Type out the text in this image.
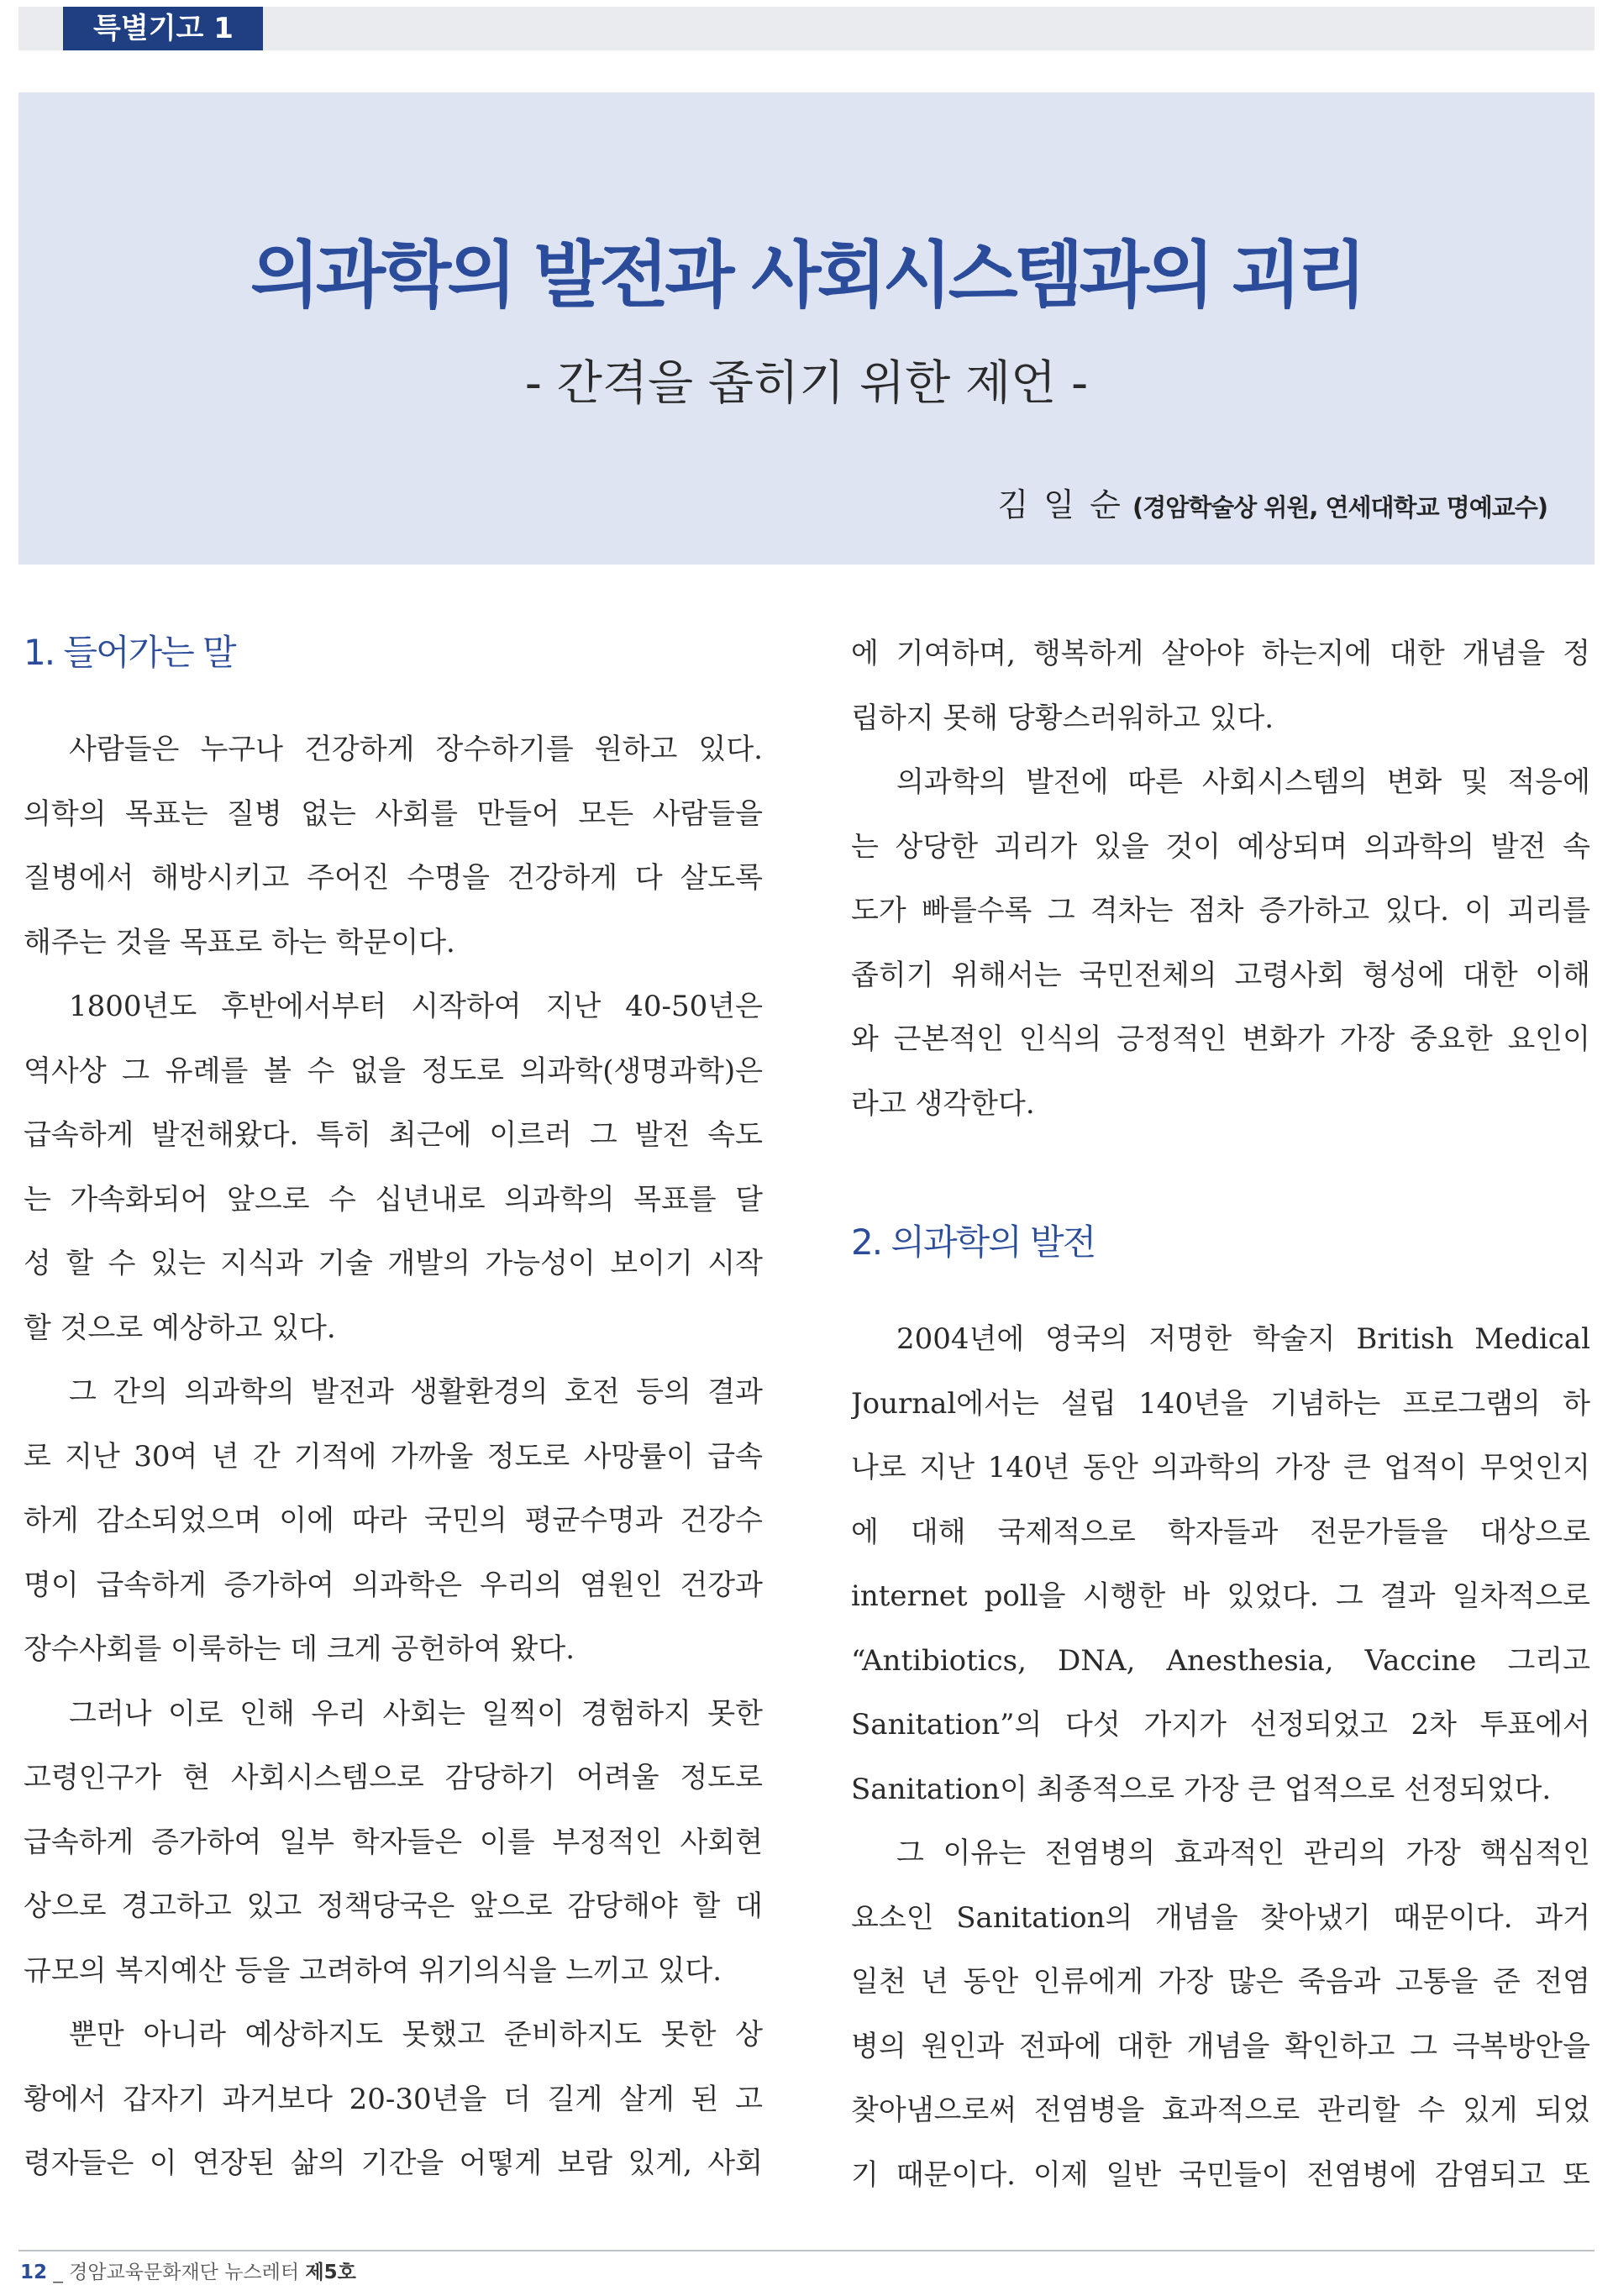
특별기고 1
의과학의 발전과 사회시스템과의 괴리
- 간격을 좁히기 위한 제언 -
김 일 순 (경암학술상 위원, 연세대학교 명예교수)
1. 들어가는 말
사람들은 누구나 건강하게 장수하기를 원하고 있다.
의학의 목표는 질병 없는 사회를 만들어 모든 사람들을
질병에서 해방시키고 주어진 수명을 건강하게 다 살도록
해주는 것을 목표로 하는 학문이다.
1800년도 후반에서부터 시작하여 지난 40-50년은
역사상 그 유례를 볼 수 없을 정도로 의과학(생명과학)은
급속하게 발전해왔다. 특히 최근에 이르러 그 발전 속도
는 가속화되어 앞으로 수 십년내로 의과학의 목표를 달
성 할 수 있는 지식과 기술 개발의 가능성이 보이기 시작
할 것으로 예상하고 있다.
그 간의 의과학의 발전과 생활환경의 호전 등의 결과
로 지난 30여 년 간 기적에 가까울 정도로 사망률이 급속
하게 감소되었으며 이에 따라 국민의 평균수명과 건강수
명이 급속하게 증가하여 의과학은 우리의 염원인 건강과
장수사회를 이룩하는 데 크게 공헌하여 왔다.
그러나 이로 인해 우리 사회는 일찍이 경험하지 못한
고령인구가 현 사회시스템으로 감당하기 어려울 정도로
급속하게 증가하여 일부 학자들은 이를 부정적인 사회현
상으로 경고하고 있고 정책당국은 앞으로 감당해야 할 대
규모의 복지예산 등을 고려하여 위기의식을 느끼고 있다.
뿐만 아니라 예상하지도 못했고 준비하지도 못한 상
황에서 갑자기 과거보다 20-30년을 더 길게 살게 된 고
령자들은 이 연장된 삶의 기간을 어떻게 보람 있게, 사회
에 기여하며, 행복하게 살아야 하는지에 대한 개념을 정
립하지 못해 당황스러워하고 있다.
의과학의 발전에 따른 사회시스템의 변화 및 적응에
는 상당한 괴리가 있을 것이 예상되며 의과학의 발전 속
도가 빠를수록 그 격차는 점차 증가하고 있다. 이 괴리를
좁히기 위해서는 국민전체의 고령사회 형성에 대한 이해
와 근본적인 인식의 긍정적인 변화가 가장 중요한 요인이
라고 생각한다.
2. 의과학의 발전
2004년에 영국의 저명한 학술지 British Medical
Journal에서는 설립 140년을 기념하는 프로그램의 하
나로 지난 140년 동안 의과학의 가장 큰 업적이 무엇인지
에 대해 국제적으로 학자들과 전문가들을 대상으로
internet poll을 시행한 바 있었다. 그 결과 일차적으로
“Antibiotics, DNA, Anesthesia, Vaccine 그리고
Sanitation”의 다섯 가지가 선정되었고 2차 투표에서
Sanitation이 최종적으로 가장 큰 업적으로 선정되었다.
그 이유는 전염병의 효과적인 관리의 가장 핵심적인
요소인 Sanitation의 개념을 찾아냈기 때문이다. 과거
일천 년 동안 인류에게 가장 많은 죽음과 고통을 준 전염
병의 원인과 전파에 대한 개념을 확인하고 그 극복방안을
찾아냄으로써 전염병을 효과적으로 관리할 수 있게 되었
기 때문이다. 이제 일반 국민들이 전염병에 감염되고 또
12 _ 경암교육문화재단 뉴스레터 제5호
